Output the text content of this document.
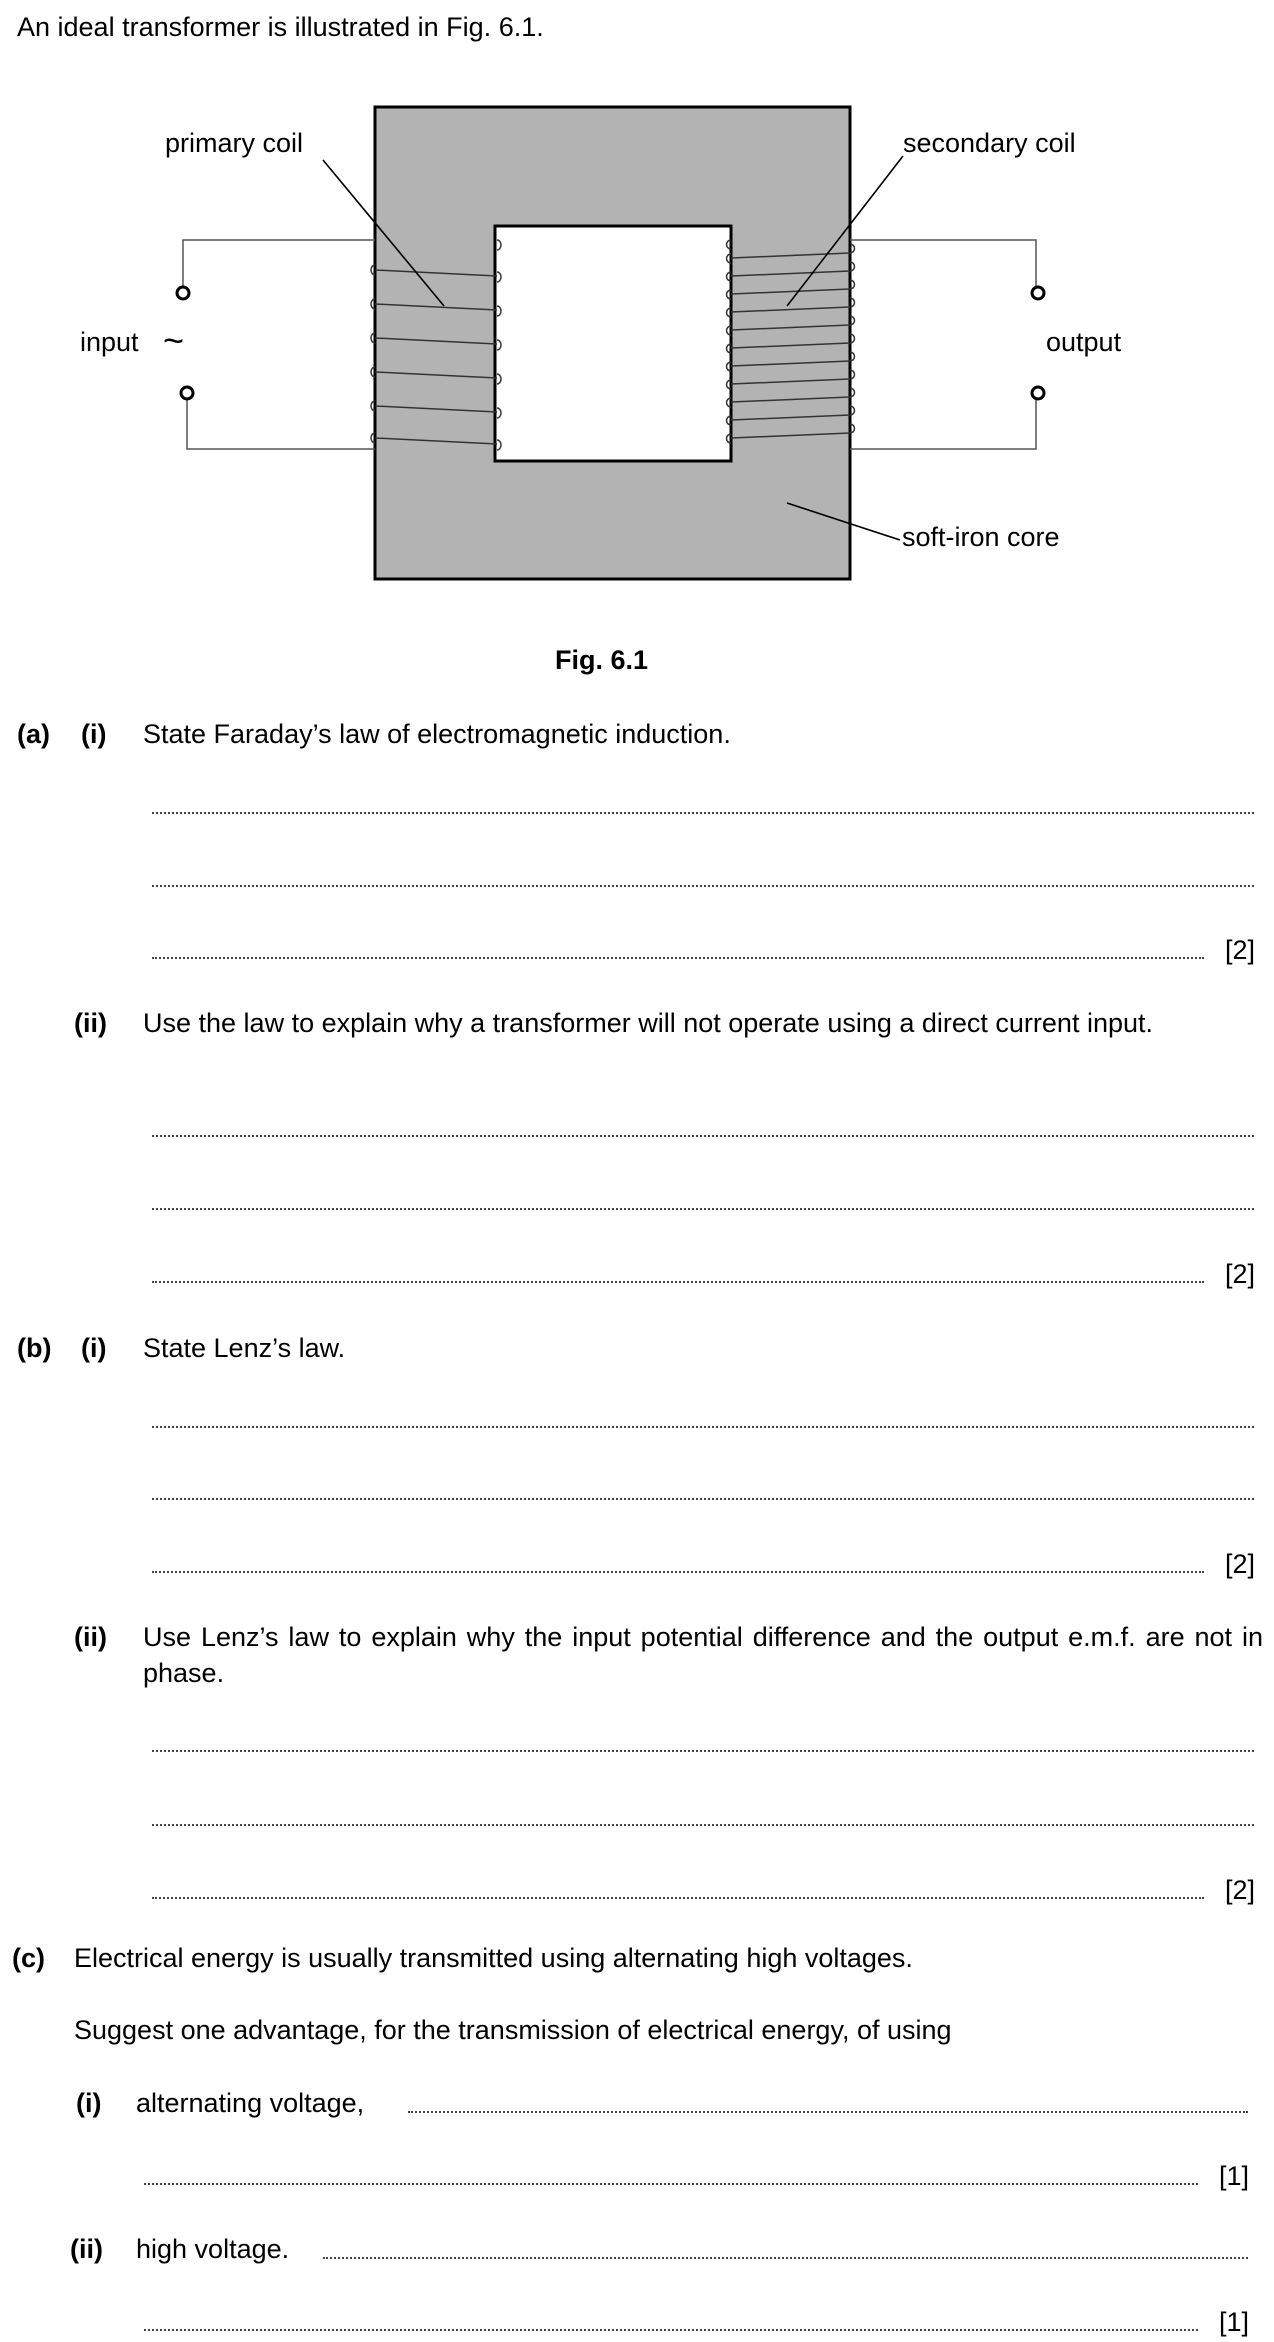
An ideal transformer is illustrated in Fig. 6.1.
primary coil	secondary coil
input ~	output
soft-iron core
Fig. 6.1
(a) (i) State Faraday’s law of electromagnetic induction.
[2]
(ii) Use the law to explain why a transformer will not operate using a direct current input.
[2]
(b) (i) State Lenz’s law.
[2]
(ii) Use Lenz’s law to explain why the input potential difference and the output e.m.f. are not in phase.
[2]
(c) Electrical energy is usually transmitted using alternating high voltages.
Suggest one advantage, for the transmission of electrical energy, of using
(i) alternating voltage,
[1]
(ii) high voltage.
[1]
